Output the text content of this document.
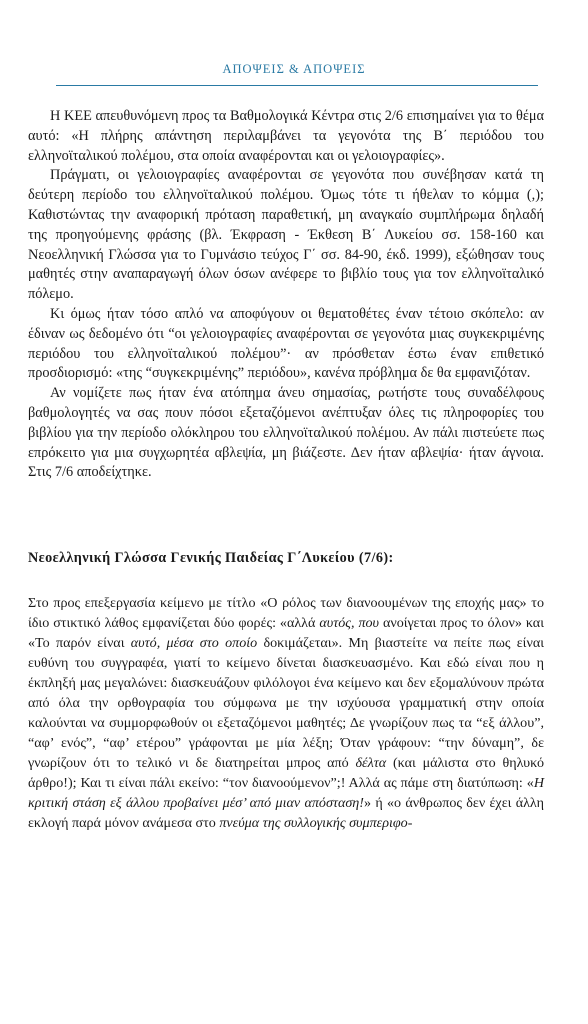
ΑΠΟΨΕΙΣ & ΑΠΟΨΕΙΣ

Η ΚΕΕ απευθυνόμενη προς τα Βαθμολογικά Κέντρα στις 2/6 επισημαίνει για το θέμα αυτό: «Η πλήρης απάντηση περιλαμβάνει τα γεγονότα της Β΄ περιόδου του ελληνοϊταλικού πολέμου, στα οποία αναφέρονται και οι γελοιογραφίες».

Πράγματι, οι γελοιογραφίες αναφέρονται σε γεγονότα που συνέβησαν κατά τη δεύτερη περίοδο του ελληνοϊταλικού πολέμου. Όμως τότε τι ήθελαν το κόμμα (,); Καθιστώντας την αναφορική πρόταση παραθετική, μη αναγκαίο συμπλήρωμα δηλαδή της προηγούμενης φράσης (βλ. Έκφραση - Έκθεση Β΄ Λυκείου σσ. 158-160 και Νεοελληνική Γλώσσα για το Γυμνάσιο τεύχος Γ΄ σσ. 84-90, έκδ. 1999), εξώθησαν τους μαθητές στην αναπαραγωγή όλων όσων ανέφερε το βιβλίο τους για τον ελληνοϊταλικό πόλεμο.

Κι όμως ήταν τόσο απλό να αποφύγουν οι θεματοθέτες έναν τέτοιο σκόπελο: αν έδιναν ως δεδομένο ότι “οι γελοιογραφίες αναφέρονται σε γεγονότα μιας συγκεκριμένης περιόδου του ελληνοϊταλικού πολέμου”· αν πρόσθεταν έστω έναν επιθετικό προσδιορισμό: «της “συγκεκριμένης” περιόδου», κανένα πρόβλημα δε θα εμφανιζόταν.

Αν νομίζετε πως ήταν ένα ατόπημα άνευ σημασίας, ρωτήστε τους συναδέλφους βαθμολογητές να σας πουν πόσοι εξεταζόμενοι ανέπτυξαν όλες τις πληροφορίες του βιβλίου για την περίοδο ολόκληρου του ελληνοϊταλικού πολέμου. Αν πάλι πιστεύετε πως επρόκειτο για μια συγχωρητέα αβλεψία, μη βιάζεστε. Δεν ήταν αβλεψία· ήταν άγνοια. Στις 7/6 αποδείχτηκε.

Νεοελληνική Γλώσσα Γενικής Παιδείας Γ΄Λυκείου (7/6):

Στο προς επεξεργασία κείμενο με τίτλο «Ο ρόλος των διανοουμένων της εποχής μας» το ίδιο στικτικό λάθος εμφανίζεται δύο φορές: «αλλά αυτός, που ανοίγεται προς το όλον» και «Το παρόν είναι αυτό, μέσα στο οποίο δοκιμάζεται». Μη βιαστείτε να πείτε πως είναι ευθύνη του συγγραφέα, γιατί το κείμενο δίνεται διασκευασμένο. Και εδώ είναι που η έκπληξή μας μεγαλώνει: διασκευάζουν φιλόλογοι ένα κείμενο και δεν εξομαλύνουν πρώτα από όλα την ορθογραφία του σύμφωνα με την ισχύουσα γραμματική στην οποία καλούνται να συμμορφωθούν οι εξεταζόμενοι μαθητές; Δε γνωρίζουν πως τα “εξ άλλου”, “αφ’ ενός”, “αφ’ ετέρου” γράφονται με μία λέξη; Όταν γράφουν: “την δύναμη”, δε γνωρίζουν ότι το τελικό νι δε διατηρείται μπρος από δέλτα (και μάλιστα στο θηλυκό άρθρο!); Και τι είναι πάλι εκείνο: “τον διανοούμενον”;! Αλλά ας πάμε στη διατύπωση: «Η κριτική στάση εξ άλλου προβαίνει μέσ’ από μιαν απόσταση!» ή «ο άνθρωπος δεν έχει άλλη εκλογή παρά μόνον ανάμεσα στο πνεύμα της συλλογικής συμπεριφο-
